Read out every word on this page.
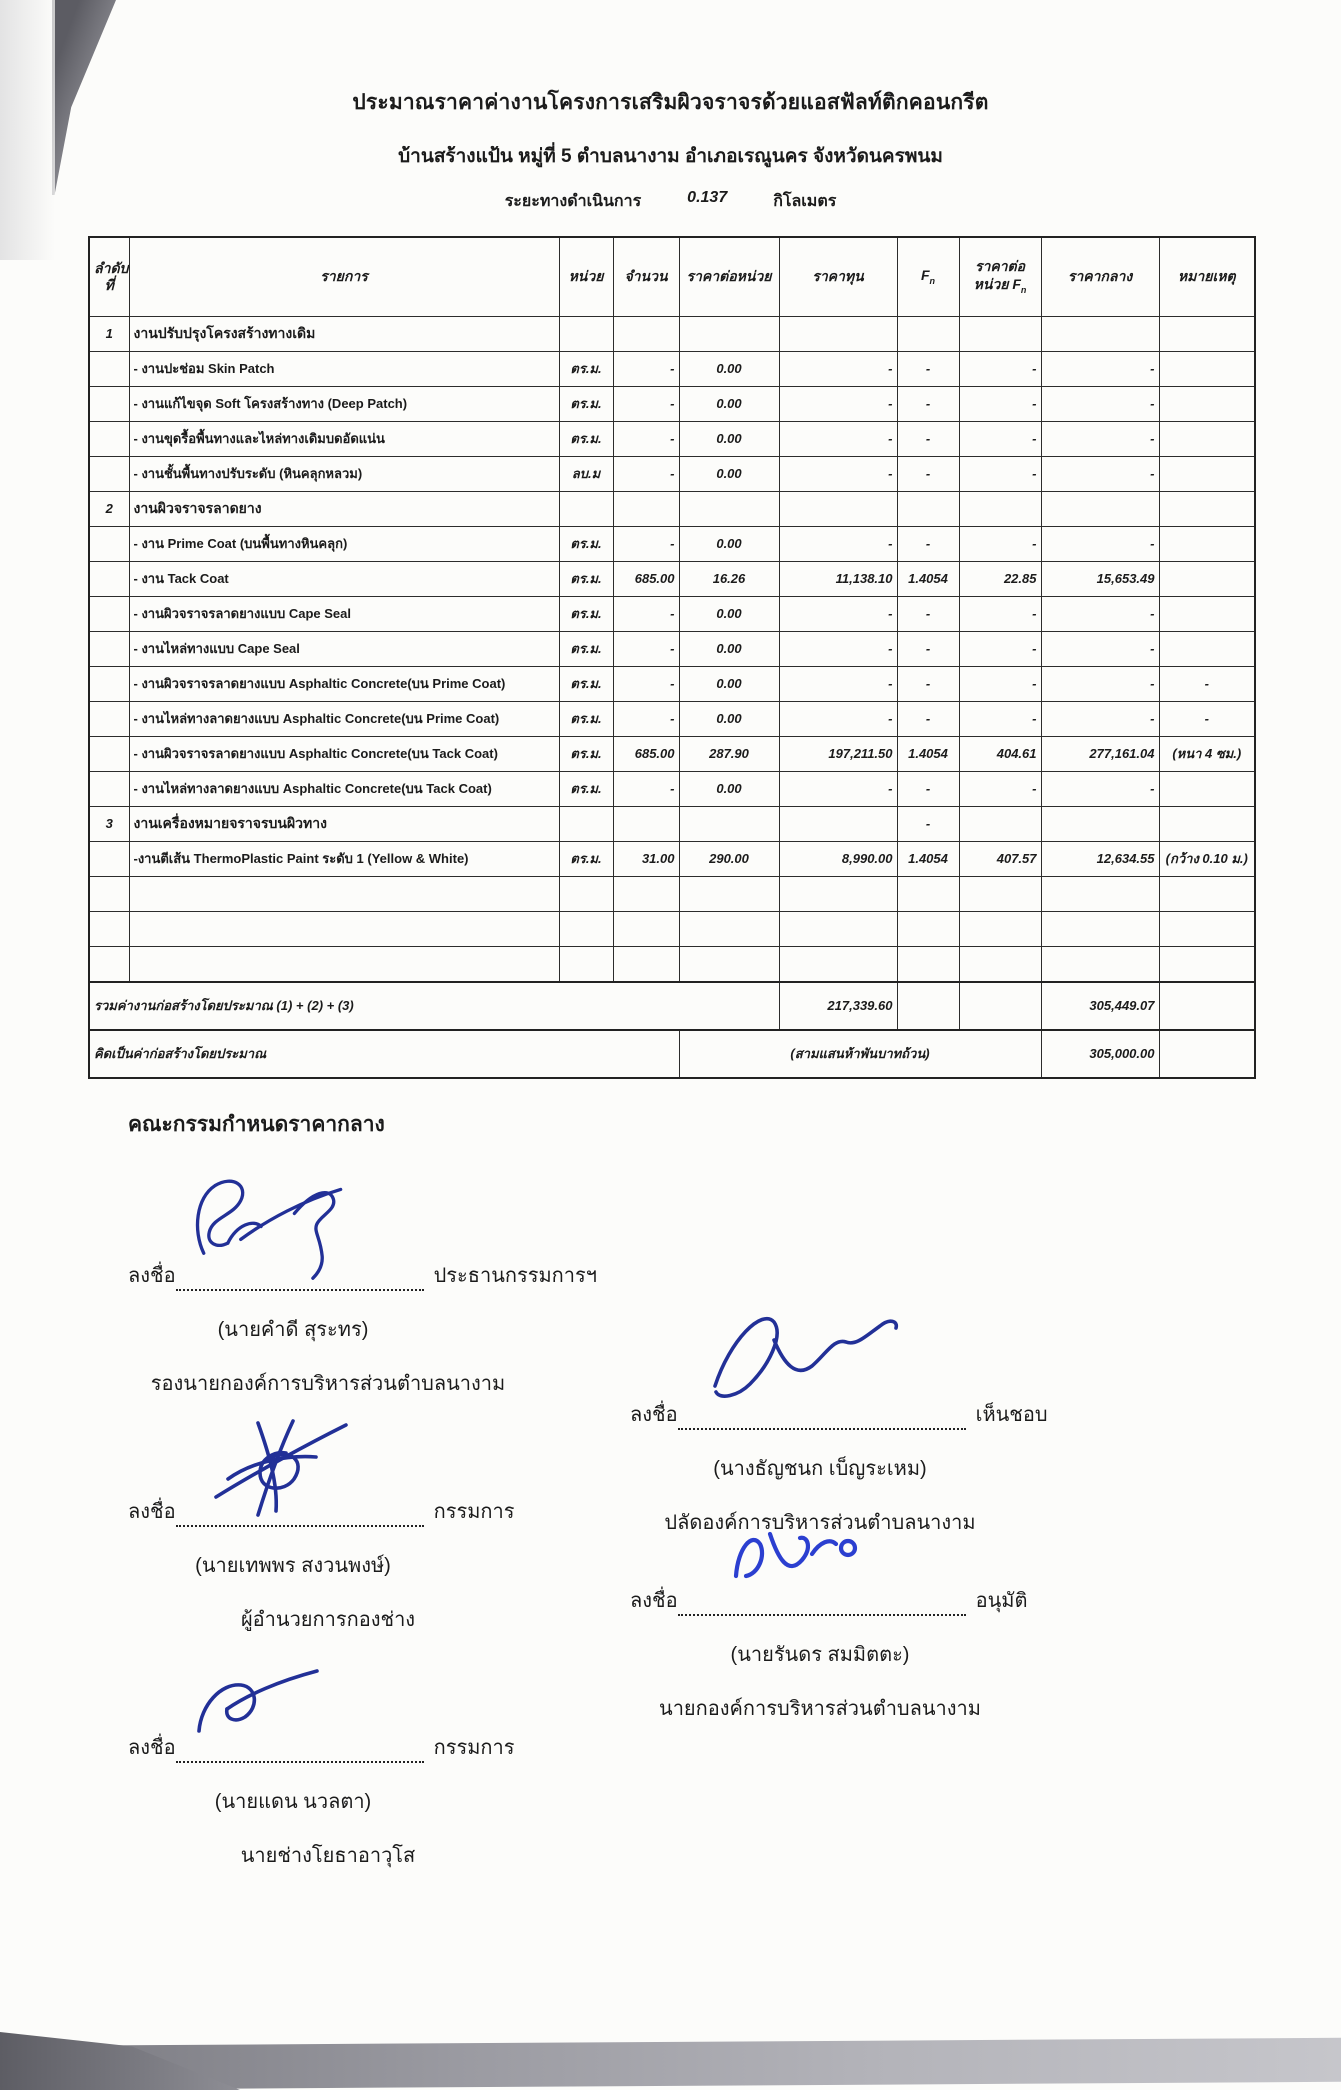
ประมาณราคาค่างานโครงการเสริมผิวจราจรด้วยแอสฟัลท์ติกคอนกรีต
บ้านสร้างแป้น หมู่ที่ 5 ตำบลนางาม อำเภอเรณูนคร จังหวัดนครพนม
ระยะทางดำเนินการ	0.137	กิโลเมตร
ลำดับ
ที่	รายการ	หน่วย	จำนวน	ราคาต่อหน่วย	ราคาทุน	$F_n$	ราคาต่อ
หน่วย $F_n$	ราคากลาง	หมายเหตุ
1	งานปรับปรุงโครงสร้างทางเดิม								
	- งานปะช่อม Skin Patch	ตร.ม.	-	0.00	-	-	-	-	
	- งานแก้ไขจุด Soft โครงสร้างทาง (Deep Patch)	ตร.ม.	-	0.00	-	-	-	-	
	- งานขุดรื้อพื้นทางและไหล่ทางเดิมบดอัดแน่น	ตร.ม.	-	0.00	-	-	-	-	
	- งานชั้นพื้นทางปรับระดับ (หินคลุกหลวม)	ลบ.ม	-	0.00	-	-	-	-	
2	งานผิวจราจรลาดยาง								
	- งาน Prime Coat (บนพื้นทางหินคลุก)	ตร.ม.	-	0.00	-	-	-	-	
	- งาน Tack Coat	ตร.ม.	685.00	16.26	11,138.10	1.4054	22.85	15,653.49	
	- งานผิวจราจรลาดยางแบบ Cape Seal	ตร.ม.	-	0.00	-	-	-	-	
	- งานไหล่ทางแบบ Cape Seal	ตร.ม.	-	0.00	-	-	-	-	
	- งานผิวจราจรลาดยางแบบ Asphaltic Concrete(บน Prime Coat)	ตร.ม.	-	0.00	-	-	-	-	-
	- งานไหล่ทางลาดยางแบบ Asphaltic Concrete(บน Prime Coat)	ตร.ม.	-	0.00	-	-	-	-	-
	- งานผิวจราจรลาดยางแบบ Asphaltic Concrete(บน Tack Coat)	ตร.ม.	685.00	287.90	197,211.50	1.4054	404.61	277,161.04	(หนา 4 ซม.)
	- งานไหล่ทางลาดยางแบบ Asphaltic Concrete(บน Tack Coat)	ตร.ม.	-	0.00	-	-	-	-	
3	งานเครื่องหมายจราจรบนผิวทาง					-			
	-งานตีเส้น ThermoPlastic Paint ระดับ 1 (Yellow & White)	ตร.ม.	31.00	290.00	8,990.00	1.4054	407.57	12,634.55	(กว้าง 0.10 ม.)

รวมค่างานก่อสร้างโดยประมาณ (1) + (2) + (3)					217,339.60			305,449.07	
คิดเป็นค่าก่อสร้างโดยประมาณ				(สามแสนห้าพันบาทถ้วน)				305,000.00	
คณะกรรมกำหนดราคากลาง
ลงชื่อ	ประธานกรรมการฯ
(นายคำดี สุระทร)
รองนายกองค์การบริหารส่วนตำบลนางาม
ลงชื่อ	กรรมการ
(นายเทพพร สงวนพงษ์)
ผู้อำนวยการกองช่าง
ลงชื่อ	กรรมการ
(นายแดน นวลตา)
นายช่างโยธาอาวุโส
ลงชื่อ	เห็นชอบ
(นางธัญชนก เบ็ญระเหม)
ปลัดองค์การบริหารส่วนตำบลนางาม
ลงชื่อ	อนุมัติ
(นายรันดร สมมิตตะ)
นายกองค์การบริหารส่วนตำบลนางาม
